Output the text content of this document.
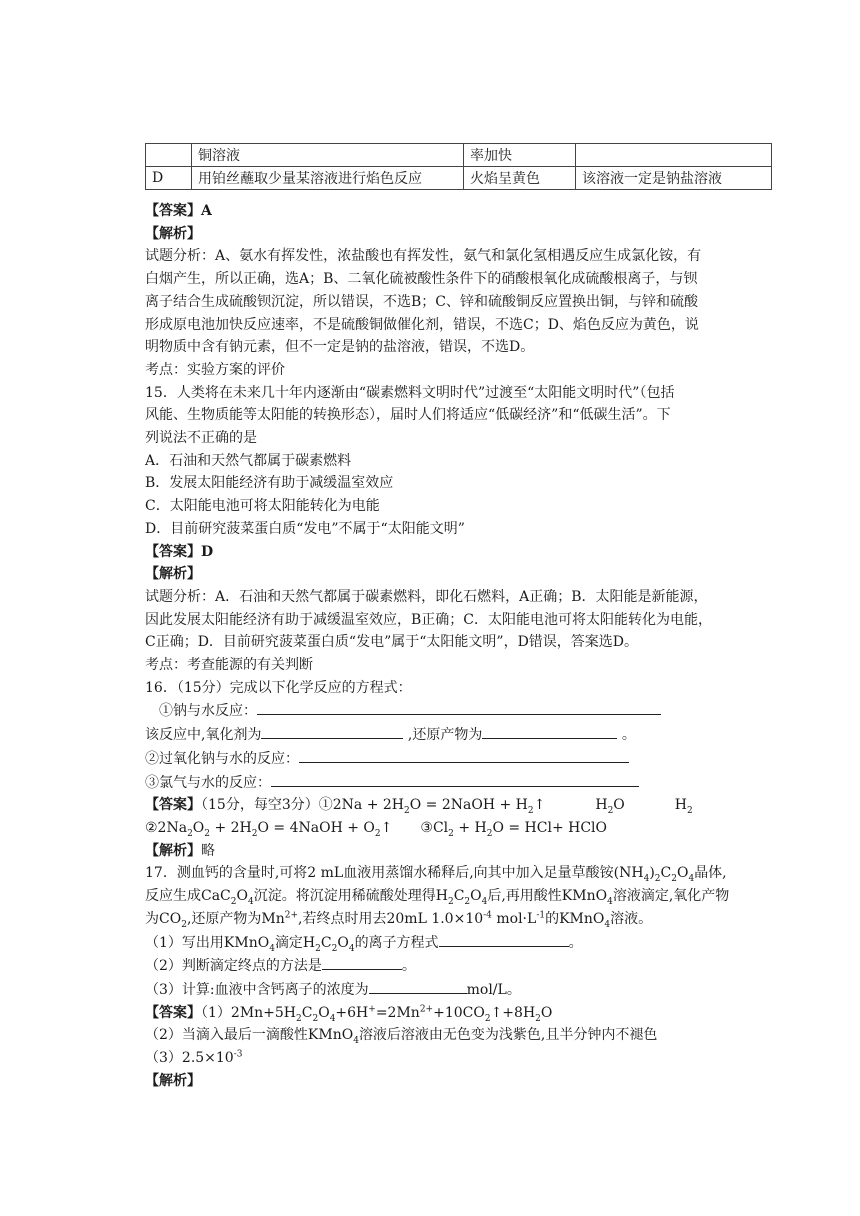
	铜溶液	率加快	
D	用铂丝蘸取少量某溶液进行焰色反应	火焰呈黄色	该溶液一定是钠盐溶液

【答案】A

【解析】

试题分析：A、氨水有挥发性，浓盐酸也有挥发性，氨气和氯化氢相遇反应生成氯化铵，有

白烟产生，所以正确，选A；B、二氧化硫被酸性条件下的硝酸根氧化成硫酸根离子，与钡

离子结合生成硫酸钡沉淀，所以错误，不选B；C、锌和硫酸铜反应置换出铜，与锌和硫酸

形成原电池加快反应速率，不是硫酸铜做催化剂，错误，不选C；D、焰色反应为黄色，说

明物质中含有钠元素，但不一定是钠的盐溶液，错误，不选D。

考点：实验方案的评价

15．人类将在未来几十年内逐渐由“碳素燃料文明时代”过渡至“太阳能文明时代”（包括

风能、生物质能等太阳能的转换形态），届时人们将适应“低碳经济”和“低碳生活”。下

列说法不正确的是

A．石油和天然气都属于碳素燃料

B．发展太阳能经济有助于减缓温室效应

C．太阳能电池可将太阳能转化为电能

D．目前研究菠菜蛋白质“发电”不属于“太阳能文明”

【答案】D

【解析】

试题分析：A．石油和天然气都属于碳素燃料，即化石燃料，A正确；B．太阳能是新能源，

因此发展太阳能经济有助于减缓温室效应，B正确；C．太阳能电池可将太阳能转化为电能，

C正确；D．目前研究菠菜蛋白质“发电”属于“太阳能文明”，D错误，答案选D。

考点：考查能源的有关判断

16．（15分）完成以下化学反应的方程式：

①钠与水反应：

该反应中,氧化剂为	,还原产物为	。

②过氧化钠与水的反应：

③氯气与水的反应：

【答案】（15分，每空3分）①2Na + $2H_2O$ = 2NaOH + $H_2↑$	$H_2O$	$H_2$

$②2Na_2O_2 + 2H_2O$ = 4NaOH + $O_2↑$ $③Cl_2 + H_2O = HCl+$ HClO

【解析】略

17．测血钙的含量时,可将2 mL血液用蒸馏水稀释后,向其中加入足量草酸铵$(NH_4)_2C_2O_4$晶体,

反应生成$CaC_2O_4$沉淀。将沉淀用稀硫酸处理得$H_2C_2O_4$后,再用酸性KMnO$_4$溶液滴定,氧化产物

为$CO_2$,还原产物为$Mn^{2+}$,若终点时用去20mL $1.0\times 10^{-4}$ $mol\cdot L^{-1}$的KMnO$_4$溶液。

（1）写出用KMnO$_4$滴定$H_2C_2O_4$的离子方程式	。

（2）判断滴定终点的方法是	。

（3）计算:血液中含钙离子的浓度为	mol/L。

【答案】$(1)2Mn+5H_2C_2O_4+6H^+=2Mn^{2+}+10CO_2↑+8H_2O$

（2）当滴入最后一滴酸性KMnO$_4$溶液后溶液由无色变为浅紫色,且半分钟内不褪色

$(3)2.5\times 10^{-3}$

【解析】
